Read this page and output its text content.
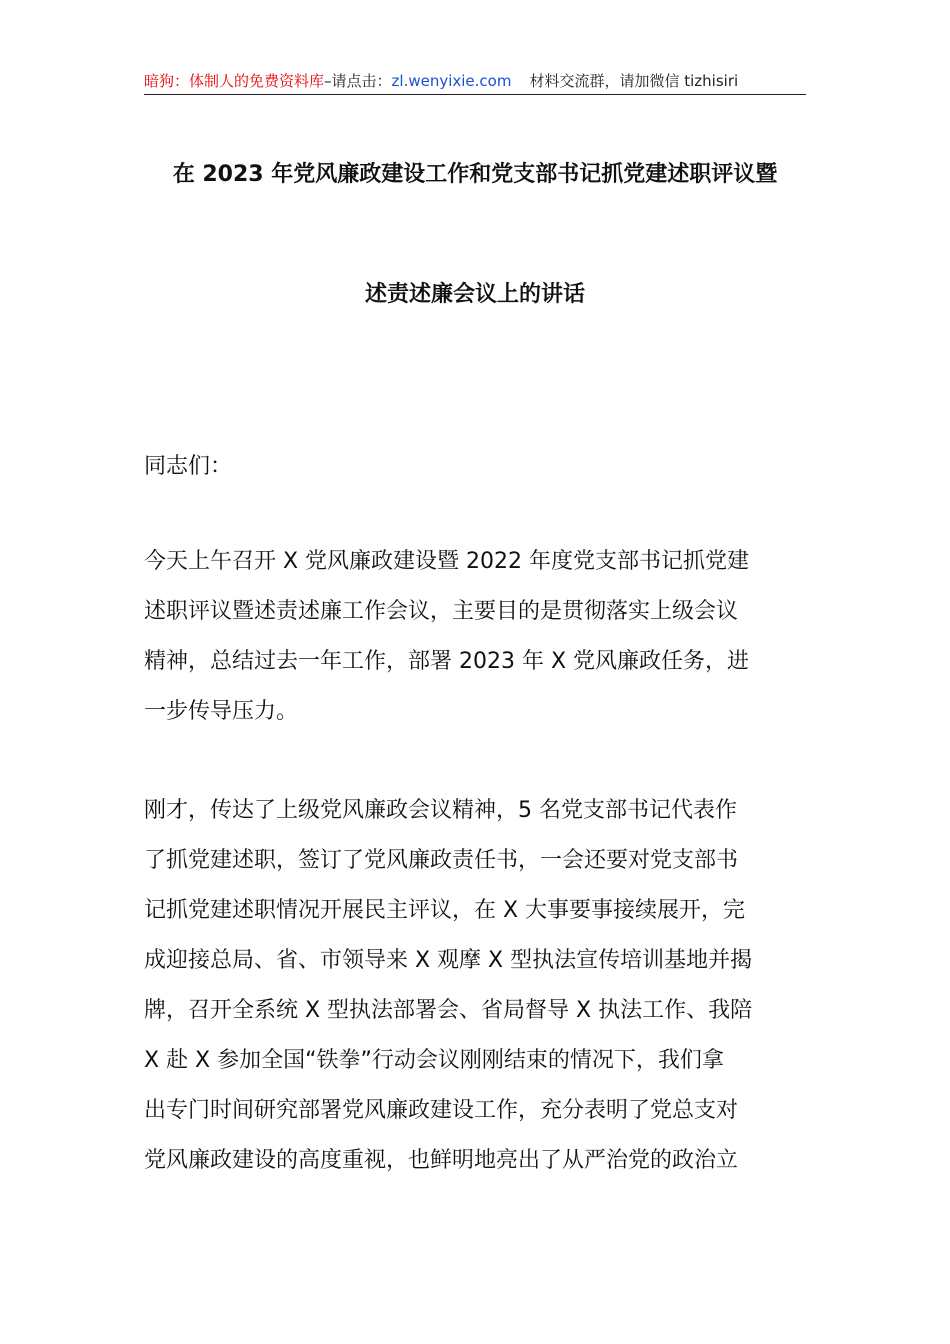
暗狗：体制人的免费资料库–请点击：zl.wenyixie.com 材料交流群，请加微信 tizhisiri
在 2023 年党风廉政建设工作和党支部书记抓党建述职评议暨
述责述廉会议上的讲话
同志们：
今天上午召开 X 党风廉政建设暨 2022 年度党支部书记抓党建
述职评议暨述责述廉工作会议，主要目的是贯彻落实上级会议
精神，总结过去一年工作，部署 2023 年 X 党风廉政任务，进
一步传导压力。
刚才，传达了上级党风廉政会议精神，5 名党支部书记代表作
了抓党建述职，签订了党风廉政责任书，一会还要对党支部书
记抓党建述职情况开展民主评议，在 X 大事要事接续展开，完
成迎接总局、省、市领导来 X 观摩 X 型执法宣传培训基地并揭
牌，召开全系统 X 型执法部署会、省局督导 X 执法工作、我陪
X 赴 X 参加全国“铁拳”行动会议刚刚结束的情况下，我们拿
出专门时间研究部署党风廉政建设工作，充分表明了党总支对
党风廉政建设的高度重视，也鲜明地亮出了从严治党的政治立
